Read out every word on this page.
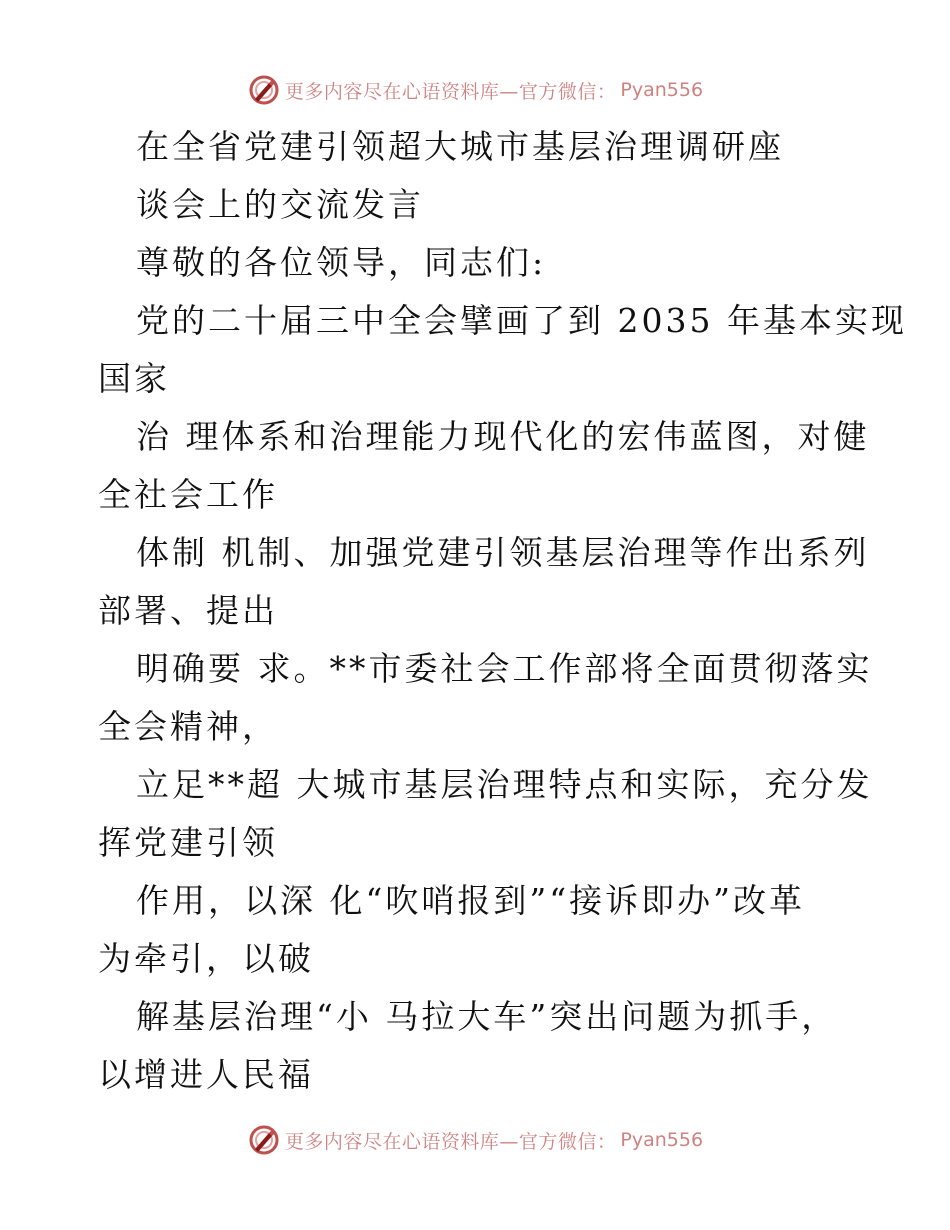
更多内容尽在心语资料库—官方微信： Pyan556
在全省党建引领超大城市基层治理调研座
谈会上的交流发言
尊敬的各位领导，同志们:
党的二十届三中全会擘画了到 2035 年基本实现
国家
治 理体系和治理能力现代化的宏伟蓝图，对健
全社会工作
体制 机制、加强党建引领基层治理等作出系列
部署、提出
明确要 求。**市委社会工作部将全面贯彻落实
全会精神，
立足**超 大城市基层治理特点和实际，充分发
挥党建引领
作用，以深 化“吹哨报到”“接诉即办”改革
为牵引，以破
解基层治理“小 马拉大车”突出问题为抓手，
以增进人民福
更多内容尽在心语资料库—官方微信： Pyan556
